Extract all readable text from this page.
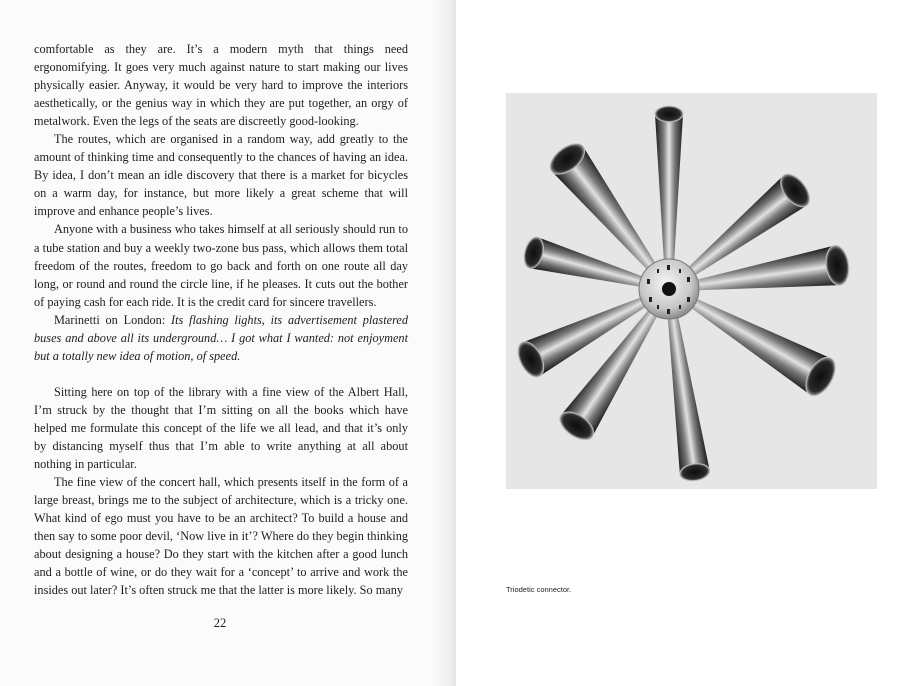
comfortable as they are. It’s a modern myth that things need ergonomifying. It goes very much against nature to start making our lives physically easier. Anyway, it would be very hard to improve the interiors aesthetically, or the genius way in which they are put together, an orgy of metalwork. Even the legs of the seats are discreetly good-looking.

The routes, which are organised in a random way, add greatly to the amount of thinking time and consequently to the chances of having an idea. By idea, I don’t mean an idle discovery that there is a market for bicycles on a warm day, for instance, but more likely a great scheme that will improve and enhance people’s lives.

Anyone with a business who takes himself at all seriously should run to a tube station and buy a weekly two-zone bus pass, which allows them total freedom of the routes, freedom to go back and forth on one route all day long, or round and round the circle line, if he pleases. It cuts out the bother of paying cash for each ride. It is the credit card for sincere travellers.

Marinetti on London: Its flashing lights, its advertisement plastered buses and above all its underground… I got what I wanted: not enjoyment but a totally new idea of motion, of speed.

Sitting here on top of the library with a fine view of the Albert Hall, I’m struck by the thought that I’m sitting on all the books which have helped me formulate this concept of the life we all lead, and that it’s only by distancing myself thus that I’m able to write anything at all about nothing in particular.

The fine view of the concert hall, which presents itself in the form of a large breast, brings me to the subject of architecture, which is a tricky one. What kind of ego must you have to be an architect? To build a house and then say to some poor devil, ‘Now live in it’? Where do they begin thinking about designing a house? Do they start with the kitchen after a good lunch and a bottle of wine, or do they wait for a ‘concept’ to arrive and work the insides out later? It’s often struck me that the latter is more likely. So many

22
Triodetic connector.
